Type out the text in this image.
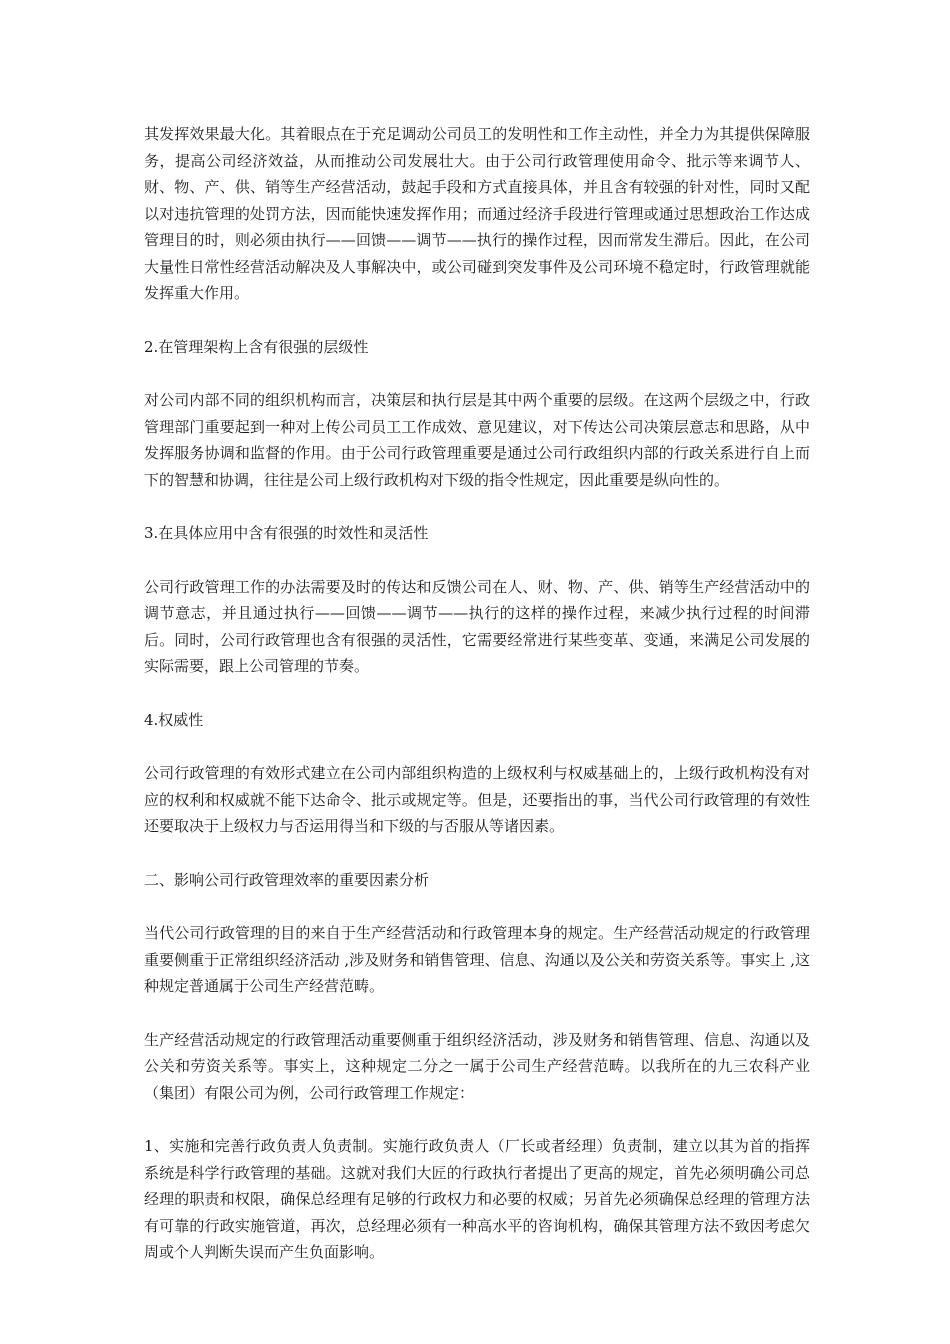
其发挥效果最大化。其着眼点在于充足调动公司员工的发明性和工作主动性，并全力为其提供保障服务，提高公司经济效益，从而推动公司发展壮大。由于公司行政管理使用命令、批示等来调节人、财、物、产、供、销等生产经营活动，鼓起手段和方式直接具体，并且含有较强的针对性，同时又配以对违抗管理的处罚方法，因而能快速发挥作用；而通过经济手段进行管理或通过思想政治工作达成管理目的时，则必须由执行——回馈——调节——执行的操作过程，因而常发生滞后。因此，在公司大量性日常性经营活动解决及人事解决中，或公司碰到突发事件及公司环境不稳定时，行政管理就能发挥重大作用。

2.在管理架构上含有很强的层级性

对公司内部不同的组织机构而言，决策层和执行层是其中两个重要的层级。在这两个层级之中，行政管理部门重要起到一种对上传公司员工工作成效、意见建议，对下传达公司决策层意志和思路，从中发挥服务协调和监督的作用。由于公司行政管理重要是通过公司行政组织内部的行政关系进行自上而下的智慧和协调，往往是公司上级行政机构对下级的指令性规定，因此重要是纵向性的。

3.在具体应用中含有很强的时效性和灵活性

公司行政管理工作的办法需要及时的传达和反馈公司在人、财、物、产、供、销等生产经营活动中的调节意志，并且通过执行——回馈——调节——执行的这样的操作过程，来减少执行过程的时间滞后。同时，公司行政管理也含有很强的灵活性，它需要经常进行某些变革、变通，来满足公司发展的实际需要，跟上公司管理的节奏。

4.权威性

公司行政管理的有效形式建立在公司内部组织构造的上级权利与权威基础上的，上级行政机构没有对应的权利和权威就不能下达命令、批示或规定等。但是，还要指出的事，当代公司行政管理的有效性还要取决于上级权力与否运用得当和下级的与否服从等诸因素。

二、影响公司行政管理效率的重要因素分析

当代公司行政管理的目的来自于生产经营活动和行政管理本身的规定。生产经营活动规定的行政管理重要侧重于正常组织经济活动 ,涉及财务和销售管理、信息、沟通以及公关和劳资关系等。事实上 ,这种规定普通属于公司生产经营范畴。

生产经营活动规定的行政管理活动重要侧重于组织经济活动，涉及财务和销售管理、信息、沟通以及公关和劳资关系等。事实上，这种规定二分之一属于公司生产经营范畴。以我所在的九三农科产业（集团）有限公司为例，公司行政管理工作规定：

1、实施和完善行政负责人负责制。实施行政负责人（厂长或者经理）负责制，建立以其为首的指挥系统是科学行政管理的基础。这就对我们大匠的行政执行者提出了更高的规定，首先必须明确公司总经理的职责和权限，确保总经理有足够的行政权力和必要的权威；另首先必须确保总经理的管理方法有可靠的行政实施管道，再次，总经理必须有一种高水平的咨询机构，确保其管理方法不致因考虑欠周或个人判断失误而产生负面影响。
